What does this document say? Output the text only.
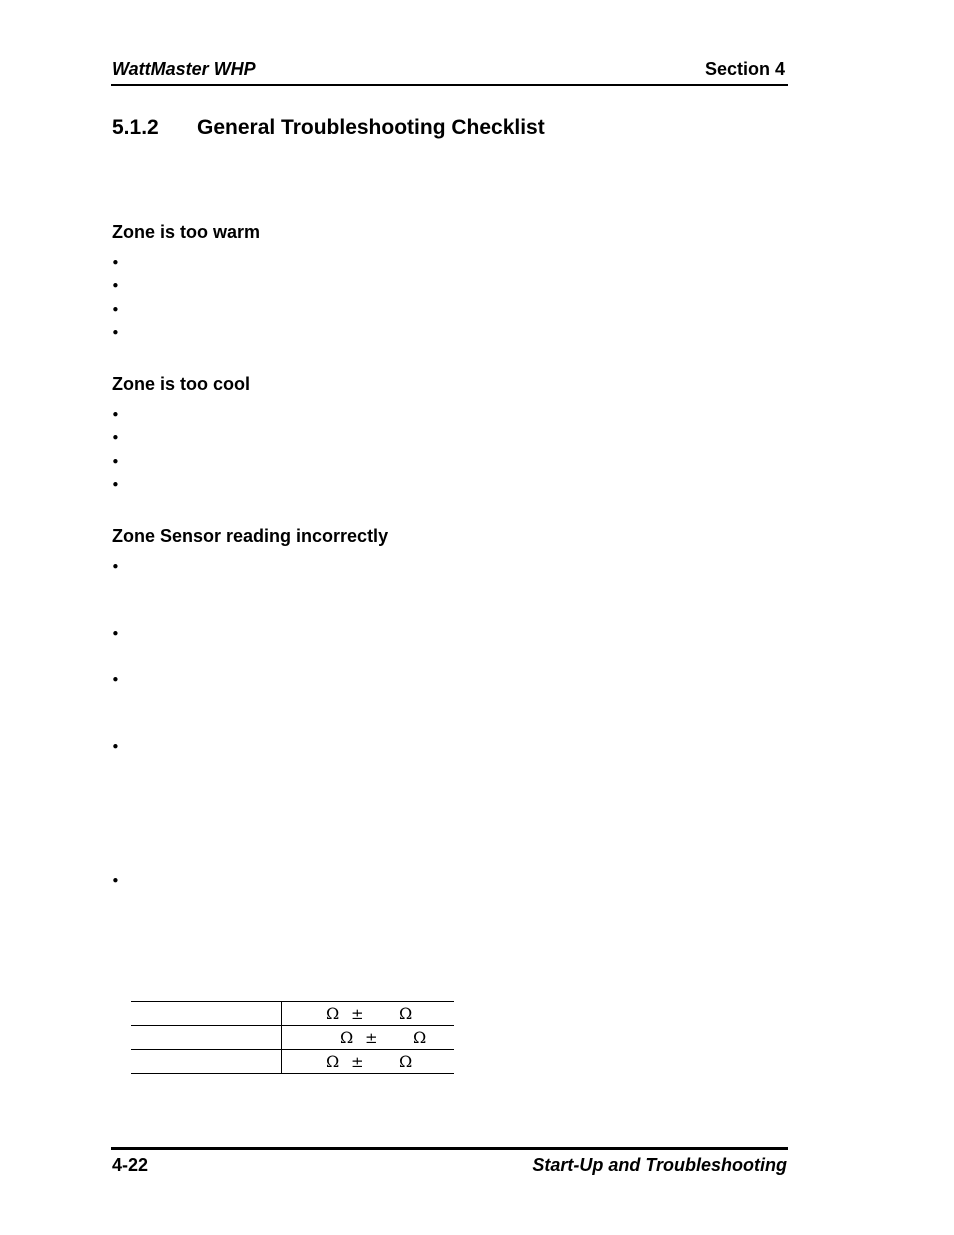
WattMaster WHP	Section 4
5.1.2 General Troubleshooting Checklist
Zone is too warm
•
•
•
•
Zone is too cool
•
•
•
•
Zone Sensor reading incorrectly
•
•
•
•
•
Ω ± Ω
Ω ± Ω
Ω ± Ω
4-22	Start-Up and Troubleshooting
